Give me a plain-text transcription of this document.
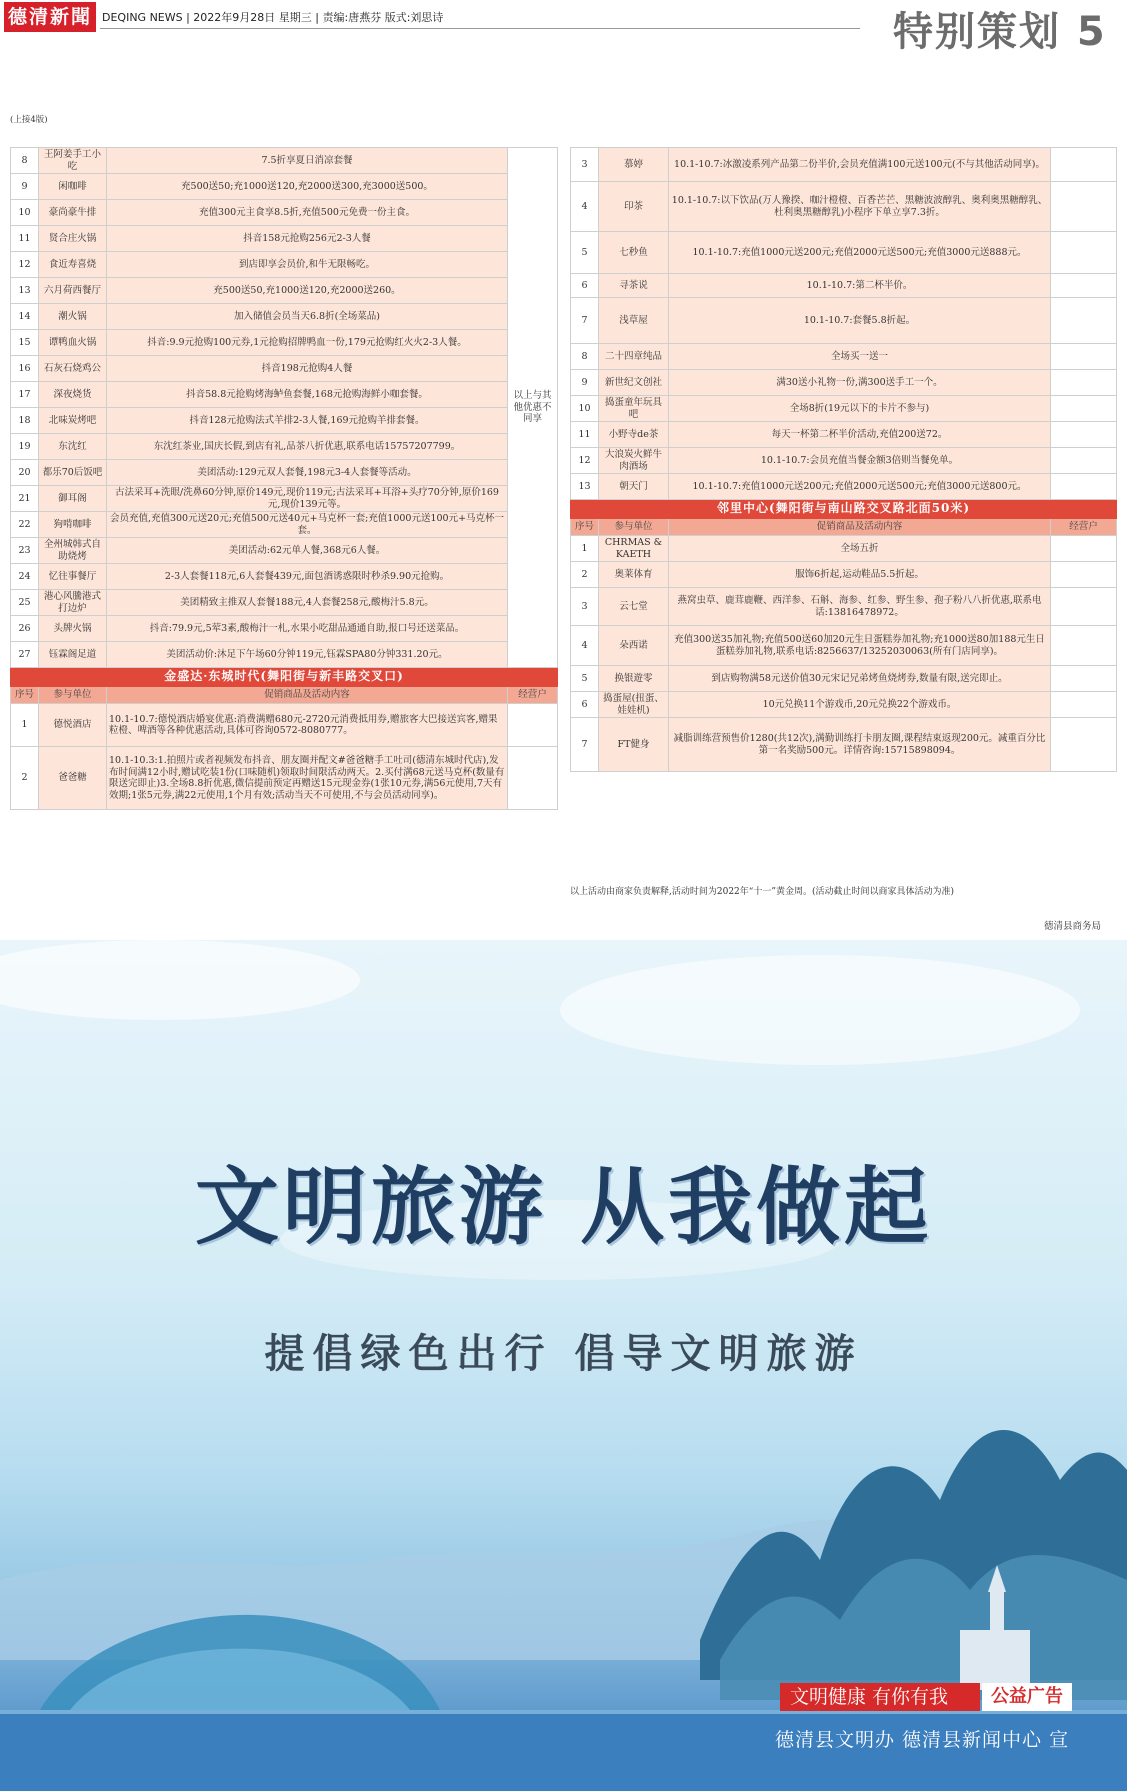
德清新聞 DEQING NEWS | 2022年9月28日 星期三 | 责编:唐燕芬 版式:刘思诗	特别策划 5
(上接4版)
8	王阿姜手工小吃	7.5折享夏日消凉套餐	以上与其他优惠不同享
9	闲咖啡	充500送50;充1000送120,充2000送300,充3000送500。	
10	豪尚豪牛排	充值300元主食享8.5折,充值500元免费一份主食。	
11	贤合庄火锅	抖音158元抢购256元2-3人餐	
12	食近寿喜烧	到店即享会员价,和牛无限畅吃。	
13	六月荷西餐厅	充500送50,充1000送120,充2000送260。	
14	潮火锅	加入储值会员当天6.8折(全场菜品)	
15	谭鸭血火锅	抖音:9.9元抢购100元券,1元抢购招牌鸭血一份,179元抢购红火火2-3人餐。	
16	石灰石烧鸡公	抖音198元抢购4人餐	
17	深夜烧货	抖音58.8元抢购烤海鲈鱼套餐,168元抢购海鲜小咖套餐。	
18	北味炭烤吧	抖音128元抢购法式羊排2-3人餐,169元抢购羊排套餐。	
19	东沈红	东沈红茶业,国庆长假,到店有礼,品茶八折优惠,联系电话15757207799。	
20	都乐70后饭吧	美团活动:129元双人套餐,198元3-4人套餐等活动。	
21	御耳阁	古法采耳+洗眼/洗鼻60分钟,原价149元,现价119元;古法采耳+耳浴+头疗70分钟,原价169元,现价139元等。	
22	狗啃咖啡	会员充值,充值300元送20元;充值500元送40元+马克杯一套;充值1000元送100元+马克杯一套。	
23	全州城韩式自助烧烤	美团活动:62元单人餐,368元6人餐。	
24	忆往事餐厅	2-3人套餐118元,6人套餐439元,面包酒诱惑限时秒杀9.90元抢购。	
25	港心风騰港式打边炉	美团精致主推双人套餐188元,4人套餐258元,酸梅汁5.8元。	
26	头牌火锅	抖音:79.9元,5荤3素,酸梅汁一札,水果小吃甜品通通自助,报口号还送菜品。	
27	钰霖阁足道	美团活动价:沐足下午场60分钟119元,钰霖SPA80分钟331.20元。	
金盛达·东城时代(舞阳街与新丰路交叉口)			
序号	参与单位	促销商品及活动内容	经营户
1	德悦酒店	10.1-10.7:德悦酒店婚宴优惠:消费满赠680元-2720元消费抵用券,赠旅客大巴接送宾客,赠果粒橙、啤酒等各种优惠活动,具体可咨询0572-8080777。	
2	爸爸糖	10.1-10.3:1.拍照片或者视频发布抖音、朋友圈并配文#爸爸糖手工吐司(德清东城时代店),发布时间满12小时,赠试吃装1份(口味随机)领取时间限活动两天。2.买付满68元送马克杯(数量有限送完即止)3.全场8.8折优惠,微信提前预定再赠送15元现金券(1张10元券,满56元使用,7天有效期;1张5元券,满22元使用,1个月有效;活动当天不可使用,不与会员活动同享)。	
3	慕婷	10.1-10.7:冰激凌系列产品第二份半价,会员充值满100元送100元(不与其他活动同享)。	
4	印茶	10.1-10.7:以下饮品(万人豫揆、咖汁橙橙、百香芒芒、黑糖波波醇乳、奥利奥黑糖醇乳、杜利奥黑糖醇乳)小程序下单立享7.3折。	
5	七秒鱼	10.1-10.7:充值1000元送200元;充值2000元送500元;充值3000元送888元。	
6	寻茶说	10.1-10.7:第二杯半价。	
7	浅草屋	10.1-10.7:套餐5.8折起。	
8	二十四章纯品	全场买一送一	
9	新世纪文创社	满30送小礼物一份,满300送手工一个。	
10	捣蛋童年玩具吧	全场8折(19元以下的卡片不参与)	
11	小野寺de茶	每天一杯第二杯半价活动,充值200送72。	
12	大浪炭火鲜牛肉酒场	10.1-10.7:会员充值当餐金额3倍则当餐免单。	
13	朝天门	10.1-10.7:充值1000元送200元;充值2000元送500元;充值3000元送800元。	
邻里中心(舞阳街与南山路交叉路北面50米)			
序号	参与单位	促销商品及活动内容	经营户
1	CHRMAS & KAETH	全场五折	
2	奥莱体育	服饰6折起,运动鞋品5.5折起。	
3	云七堂	燕窝虫草、鹿茸鹿鞭、西洋参、石斛、海参、红参、野生参、孢子粉八八折优惠,联系电话:13816478972。	
4	朵西诺	充值300送35加礼物;充值500送60加20元生日蛋糕券加礼物;充1000送80加188元生日蛋糕券加礼物,联系电话:8256637/13252030063(所有门店同享)。	
5	换银遊零	到店购物满58元送价值30元宋记兄弟烤鱼烧烤券,数量有限,送完即止。	
6	捣蛋屋(扭蛋、娃娃机)	10元兑换11个游戏币,20元兑换22个游戏币。	
7	FT健身	减脂训练营预售价1280(共12次),满勤训练打卡朋友圈,课程结束返现200元。减重百分比第一名奖励500元。详情咨询:15715898094。	
以上活动由商家负责解释,活动时间为2022年“十一”黄金周。(活动截止时间以商家具体活动为准)
德清县商务局
文明旅游 从我做起
提倡绿色出行 倡导文明旅游
文明健康 有你有我	公益广告
德清县文明办 德清县新闻中心 宣
